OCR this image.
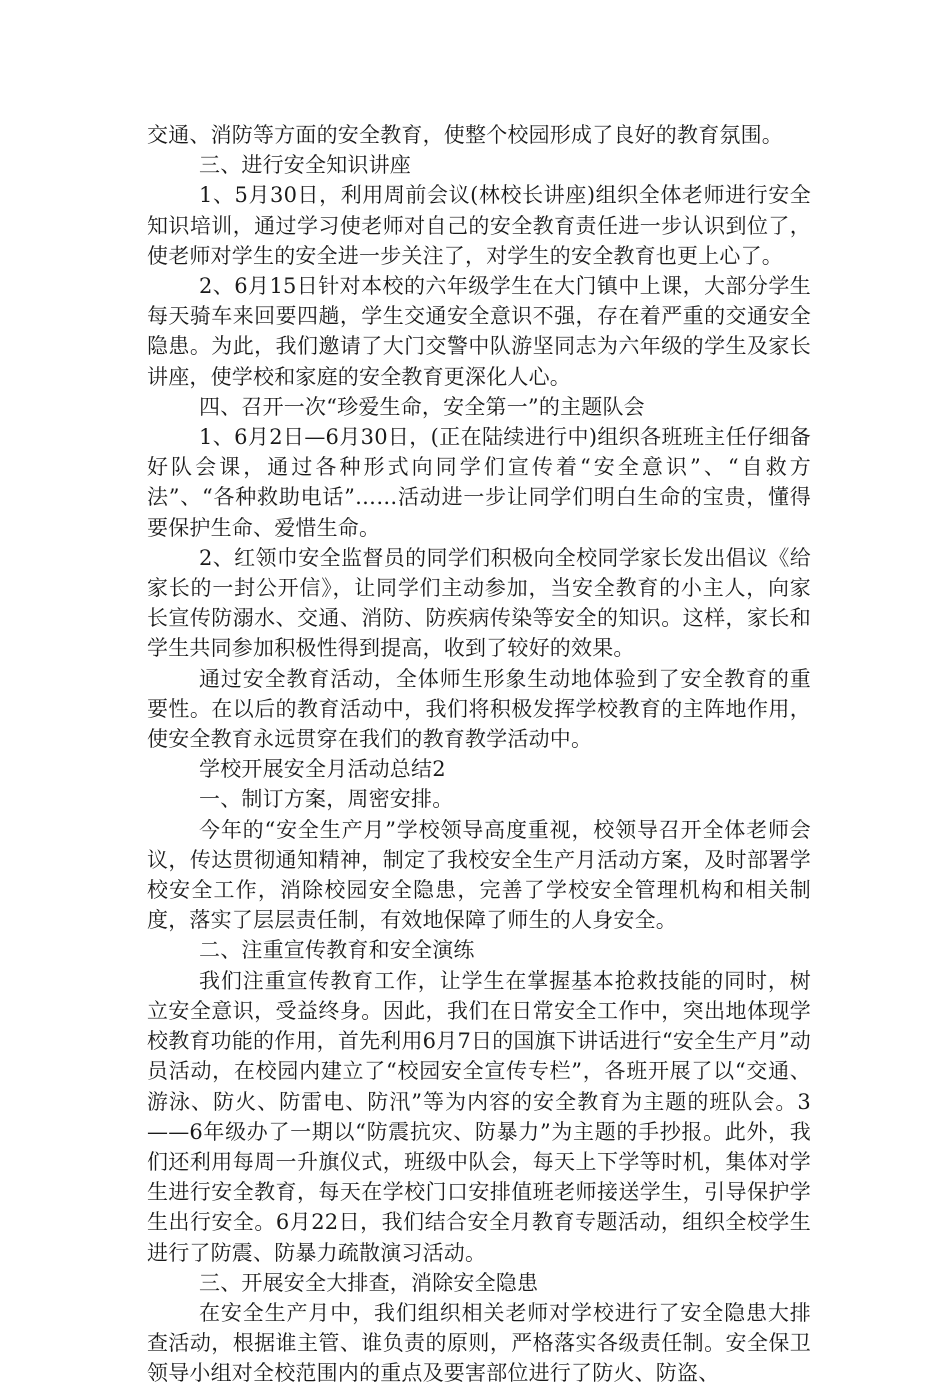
交通、消防等方面的安全教育，使整个校园形成了良好的教育氛围。

三、进行安全知识讲座

1、5月30日，利用周前会议(林校长讲座)组织全体老师进行安全知识培训，通过学习使老师对自己的安全教育责任进一步认识到位了，使老师对学生的安全进一步关注了，对学生的安全教育也更上心了。

2、6月15日针对本校的六年级学生在大门镇中上课，大部分学生每天骑车来回要四趟，学生交通安全意识不强，存在着严重的交通安全隐患。为此，我们邀请了大门交警中队游坚同志为六年级的学生及家长讲座，使学校和家庭的安全教育更深化人心。

四、召开一次“珍爱生命，安全第一”的主题队会

1、6月2日—6月30日，(正在陆续进行中)组织各班班主任仔细备好队会课，通过各种形式向同学们宣传着“安全意识”、“自救方法”、“各种救助电话”……活动进一步让同学们明白生命的宝贵，懂得要保护生命、爱惜生命。

2、红领巾安全监督员的同学们积极向全校同学家长发出倡议《给家长的一封公开信》，让同学们主动参加，当安全教育的小主人，向家长宣传防溺水、交通、消防、防疾病传染等安全的知识。这样，家长和学生共同参加积极性得到提高，收到了较好的效果。

通过安全教育活动，全体师生形象生动地体验到了安全教育的重要性。在以后的教育活动中，我们将积极发挥学校教育的主阵地作用，使安全教育永远贯穿在我们的教育教学活动中。

学校开展安全月活动总结2

一、制订方案，周密安排。

今年的“安全生产月”学校领导高度重视，校领导召开全体老师会议，传达贯彻通知精神，制定了我校安全生产月活动方案，及时部署学校安全工作，消除校园安全隐患，完善了学校安全管理机构和相关制度，落实了层层责任制，有效地保障了师生的人身安全。

二、注重宣传教育和安全演练

我们注重宣传教育工作，让学生在掌握基本抢救技能的同时，树立安全意识，受益终身。因此，我们在日常安全工作中，突出地体现学校教育功能的作用，首先利用6月7日的国旗下讲话进行“安全生产月”动员活动，在校园内建立了“校园安全宣传专栏”，各班开展了以“交通、游泳、防火、防雷电、防汛”等为内容的安全教育为主题的班队会。3——6年级办了一期以“防震抗灾、防暴力”为主题的手抄报。此外，我们还利用每周一升旗仪式，班级中队会，每天上下学等时机，集体对学生进行安全教育，每天在学校门口安排值班老师接送学生，引导保护学生出行安全。6月22日，我们结合安全月教育专题活动，组织全校学生进行了防震、防暴力疏散演习活动。

三、开展安全大排查，消除安全隐患

在安全生产月中，我们组织相关老师对学校进行了安全隐患大排查活动，根据谁主管、谁负责的原则，严格落实各级责任制。安全保卫领导小组对全校范围内的重点及要害部位进行了防火、防盗、
